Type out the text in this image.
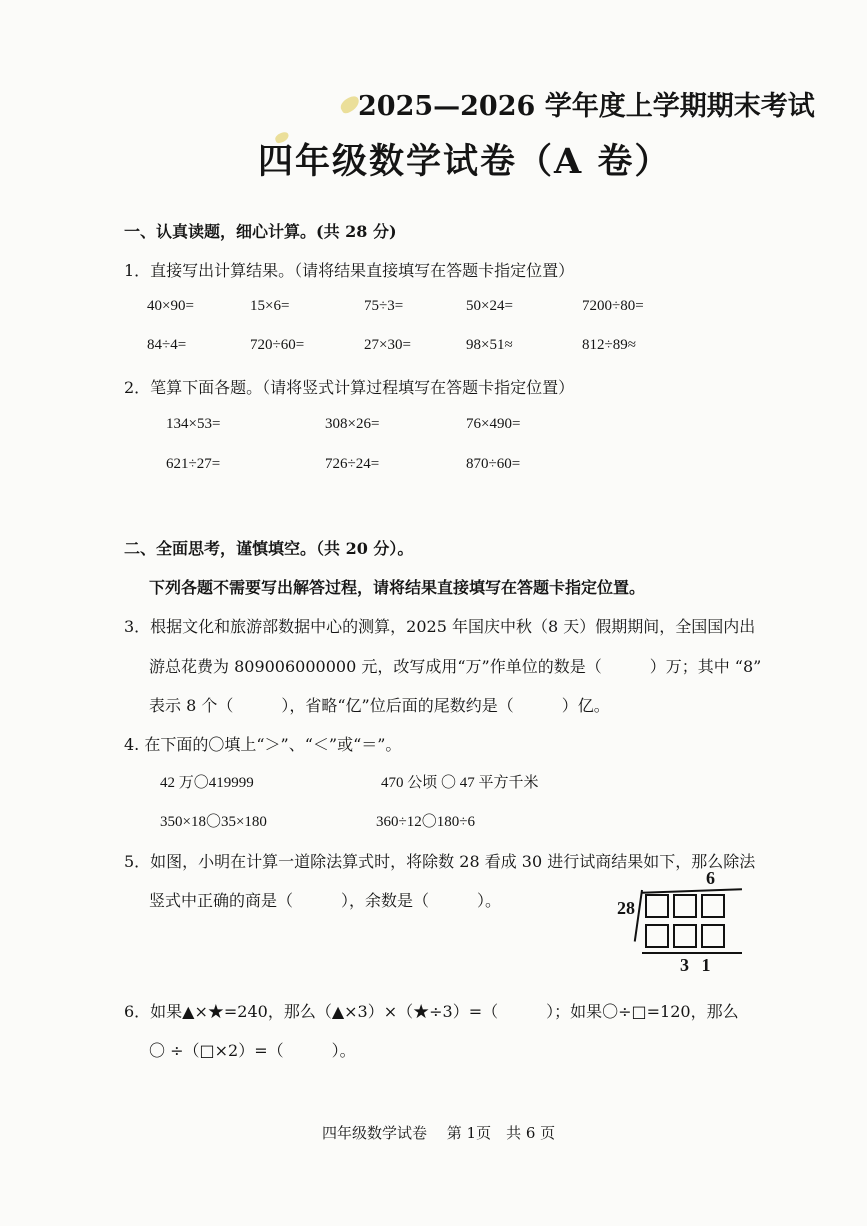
2025—2026 学年度上学期期末考试
四年级数学试卷（A 卷）
一、认真读题，细心计算。(共 28 分)
1．直接写出计算结果。（请将结果直接填写在答题卡指定位置）
40×90=	15×6=	75÷3=	50×24=	7200÷80=
84÷4=	720÷60=	27×30=	98×51≈	812÷89≈
2．笔算下面各题。（请将竖式计算过程填写在答题卡指定位置）
134×53=	308×26=	76×490=
621÷27=	726÷24=	870÷60=
二、全面思考，谨慎填空。（共 20 分）。
下列各题不需要写出解答过程，请将结果直接填写在答题卡指定位置。
3．根据文化和旅游部数据中心的测算，2025 年国庆中秋（8 天）假期期间，全国国内出
游总花费为 809006000000 元，改写成用“万”作单位的数是（　　　）万；其中 “8”
表示 8 个（　　　），省略“亿”位后面的尾数约是（　　　）亿。
4. 在下面的〇填上“＞”、“＜”或“＝”。
42 万〇419999	470 公顷 〇 47 平方千米
350×18〇35×180	360÷12〇180÷6
5．如图，小明在计算一道除法算式时，将除数 28 看成 30 进行试商结果如下，那么除法
竖式中正确的商是（　　　），余数是（　　　）。
6
28
3 1
6．如果▲×★=240，那么（▲×3）×（★÷3）=（　　　）；如果〇÷□=120，那么
〇 ÷（□×2）=（　　　）。
四年级数学试卷　 第 1页　共 6 页
